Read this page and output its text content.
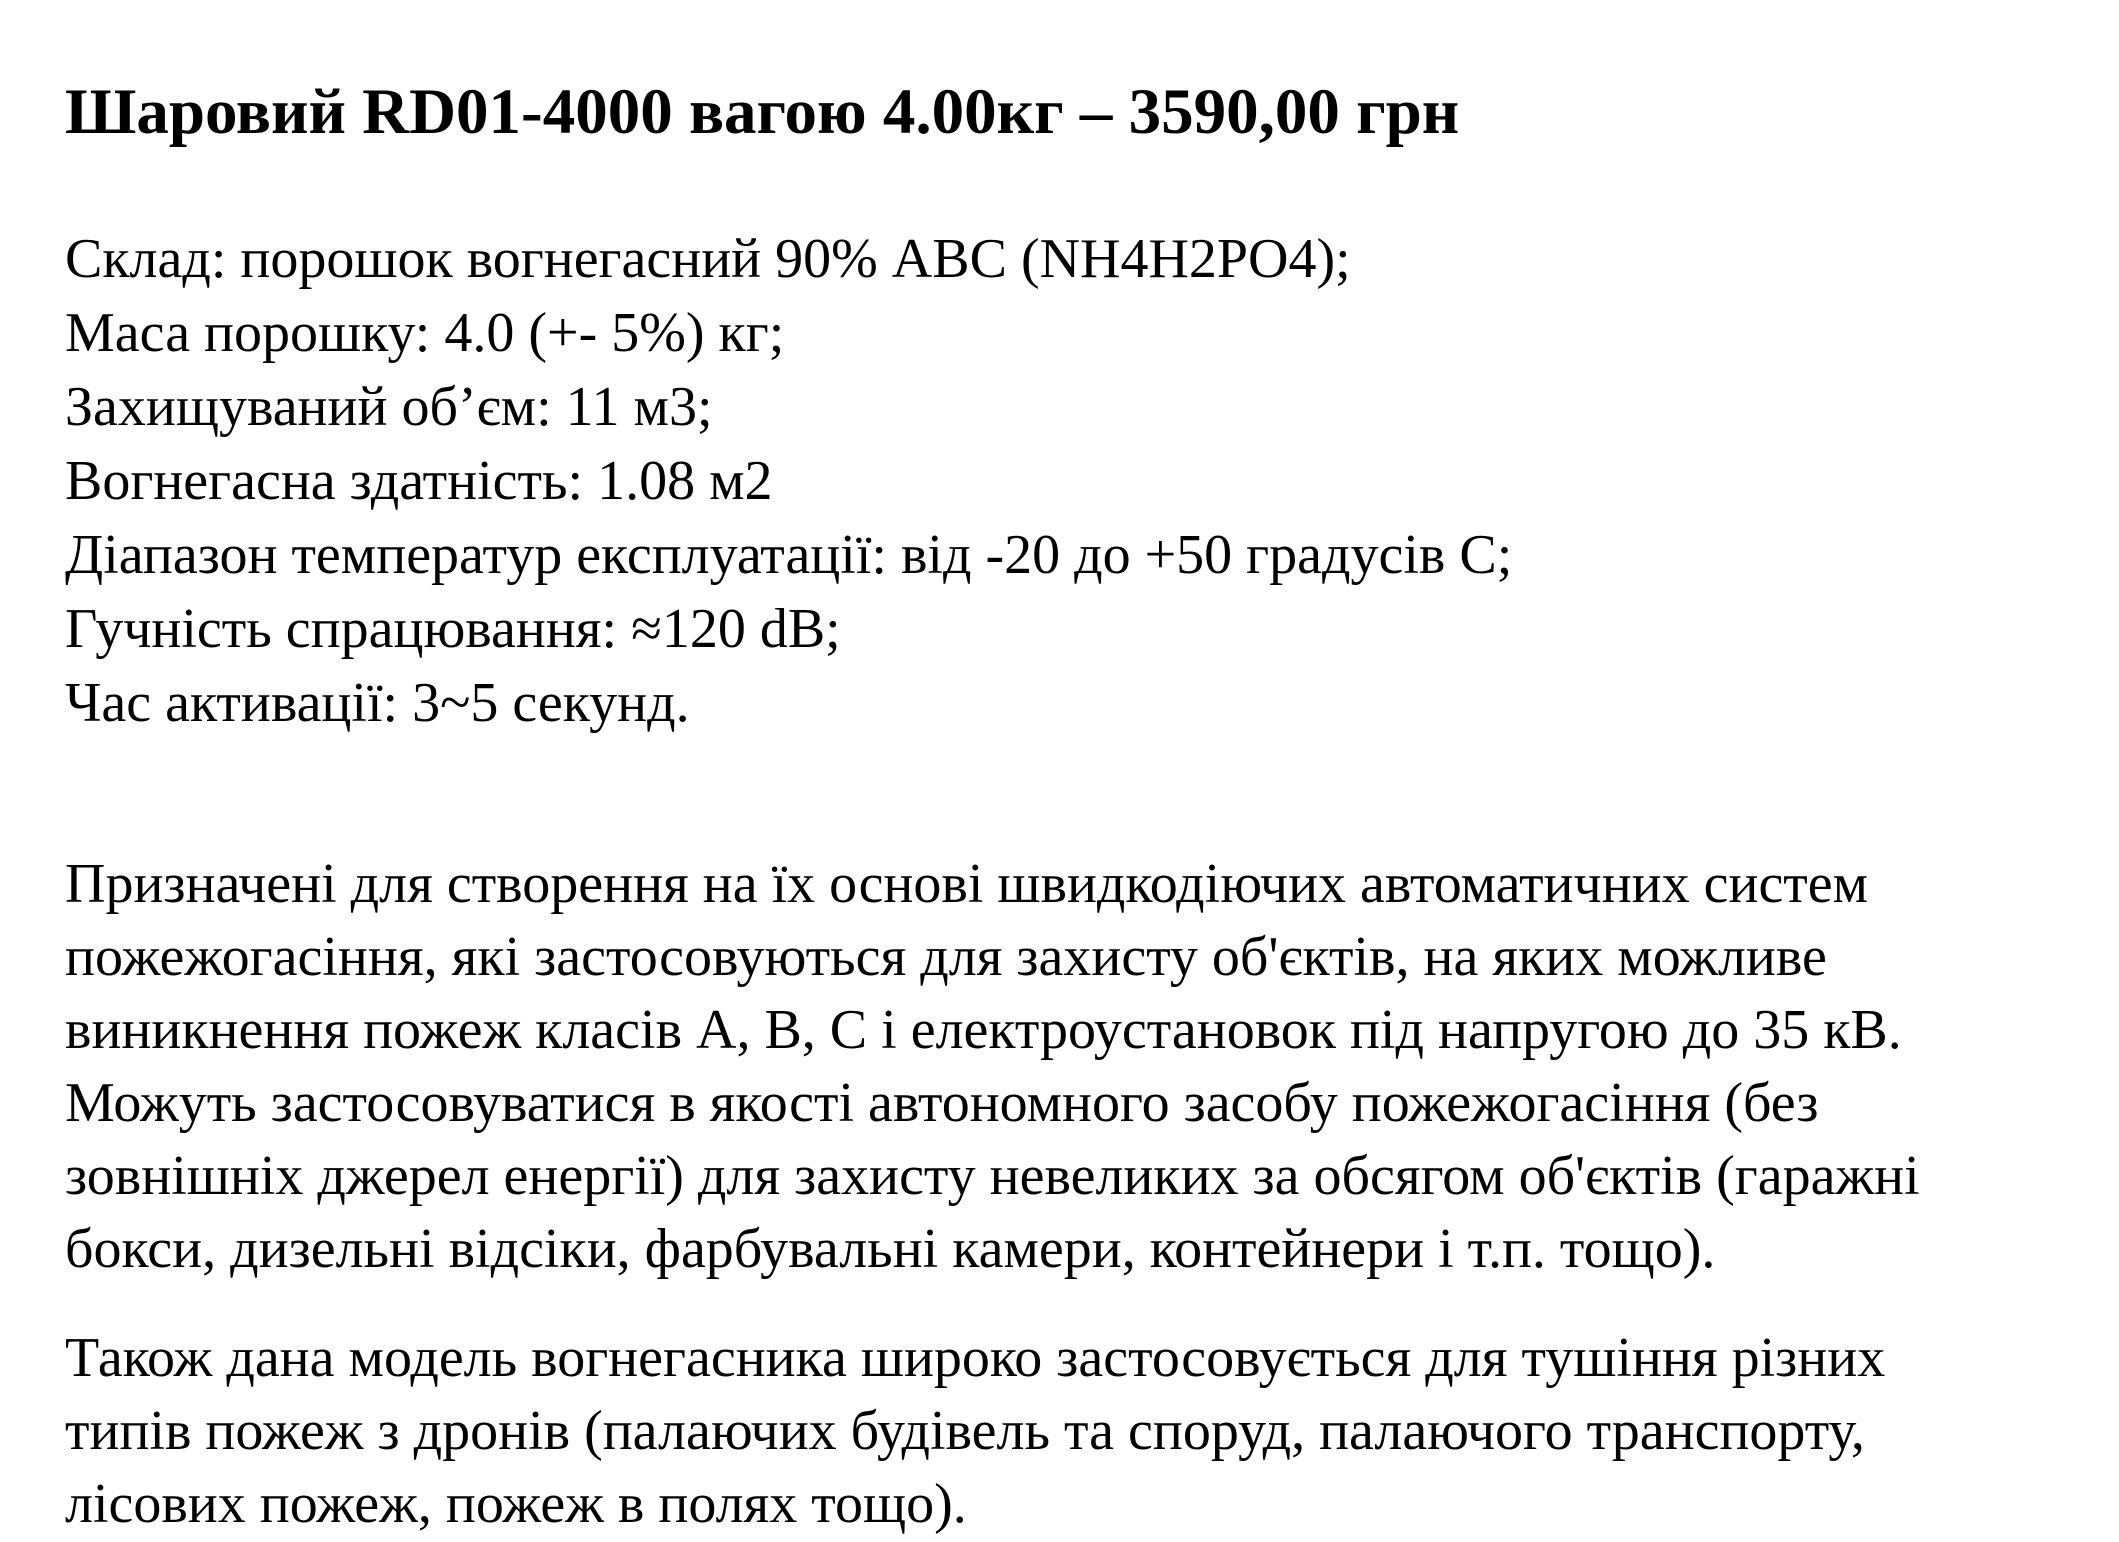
Шаровий RD01-4000 вагою 4.00кг – 3590,00 грн
Склад: порошок вогнегасний 90% ABC (NH4H2PO4);
Маса порошку: 4.0 (+- 5%) кг;
Захищуваний об’єм: 11 м3;
Вогнегасна здатність: 1.08 м2
Діапазон температур експлуатації: від -20 до +50 градусів C;
Гучність спрацювання: ≈120 dB;
Час активації: 3~5 секунд.

Призначені для створення на їх основі швидкодіючих автоматичних систем
пожежогасіння, які застосовуються для захисту об'єктів, на яких можливе
виникнення пожеж класів А, В, С і електроустановок під напругою до 35 кВ.
Можуть застосовуватися в якості автономного засобу пожежогасіння (без
зовнішніх джерел енергії) для захисту невеликих за обсягом об'єктів (гаражні
бокси, дизельні відсіки, фарбувальні камери, контейнери і т.п. тощо).

Також дана модель вогнегасника широко застосовується для тушіння різних
типів пожеж з дронів (палаючих будівель та споруд, палаючого транспорту,
лісових пожеж, пожеж в полях тощо).
